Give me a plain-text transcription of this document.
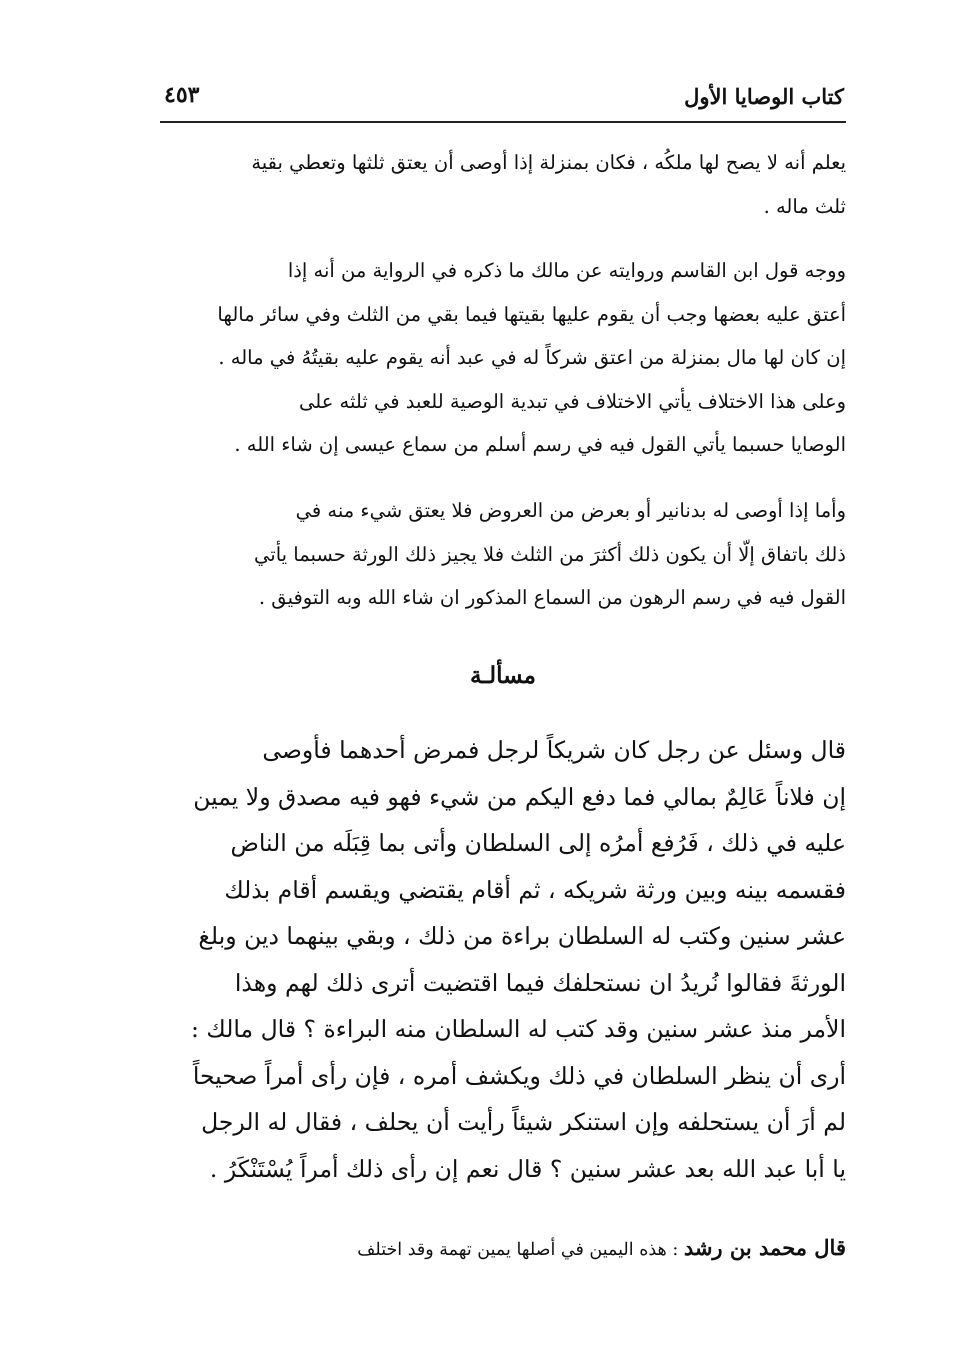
كتاب الوصايا الأول
٤٥٣

يعلم أنه لا يصح لها ملكُه ، فكان بمنزلة إذا أوصى أن يعتق ثلثها وتعطي بقية
ثلث ماله .

ووجه قول ابن القاسم وروايته عن مالك ما ذكره في الرواية من أنه إذا
أعتق عليه بعضها وجب أن يقوم عليها بقيتها فيما بقي من الثلث وفي سائر مالها
إن كان لها مال بمنزلة من اعتق شركاً له في عبد أنه يقوم عليه بقيتُهُ في ماله .
وعلى هذا الاختلاف يأتي الاختلاف في تبدية الوصية للعبد في ثلثه على
الوصايا حسبما يأتي القول فيه في رسم أسلم من سماع عيسى إن شاء الله .

وأما إذا أوصى له بدنانير أو بعرض من العروض فلا يعتق شيء منه في
ذلك باتفاق إلّا أن يكون ذلك أكثرَ من الثلث فلا يجيز ذلك الورثة حسبما يأتي
القول فيه في رسم الرهون من السماع المذكور ان شاء الله وبه التوفيق .

مسألـة

قال وسئل عن رجل كان شريكاً لرجل فمرض أحدهما فأوصى
إن فلاناً عَالِمٌ بمالي فما دفع اليكم من شيء فهو فيه مصدق ولا يمين
عليه في ذلك ، فَرُفع أمرُه إلى السلطان وأتى بما قِبَلَه من الناض
فقسمه بينه وبين ورثة شريكه ، ثم أقام يقتضي ويقسم أقام بذلك
عشر سنين وكتب له السلطان براءة من ذلك ، وبقي بينهما دين وبلغ
الورثةَ فقالوا نُريدُ ان نستحلفك فيما اقتضيت أترى ذلك لهم وهذا
الأمر منذ عشر سنين وقد كتب له السلطان منه البراءة ؟ قال مالك :
أرى أن ينظر السلطان في ذلك ويكشف أمره ، فإن رأى أمراً صحيحاً
لم أرَ أن يستحلفه وإن استنكر شيئاً رأيت أن يحلف ، فقال له الرجل
يا أبا عبد الله بعد عشر سنين ؟ قال نعم إن رأى ذلك أمراً يُسْتَنْكَرُ .

قال محمد بن رشد : هذه اليمين في أصلها يمين تهمة وقد اختلف
